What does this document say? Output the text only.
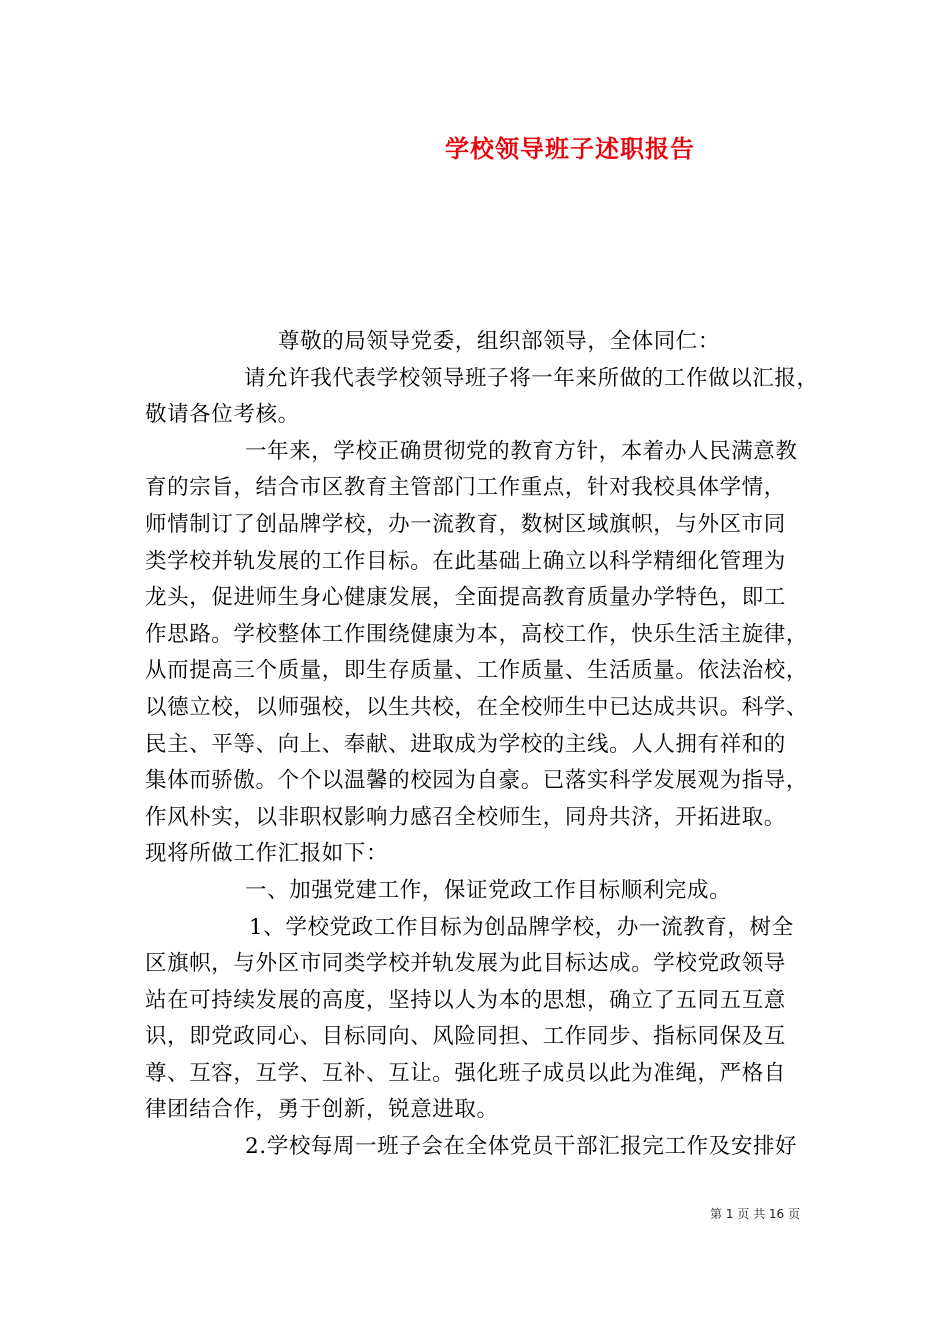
学校领导班子述职报告
尊敬的局领导党委，组织部领导，全体同仁：
请允许我代表学校领导班子将一年来所做的工作做以汇报，
敬请各位考核。
一年来，学校正确贯彻党的教育方针，本着办人民满意教
育的宗旨，结合市区教育主管部门工作重点，针对我校具体学情，
师情制订了创品牌学校，办一流教育，数树区域旗帜，与外区市同
类学校并轨发展的工作目标。在此基础上确立以科学精细化管理为
龙头，促进师生身心健康发展，全面提高教育质量办学特色，即工
作思路。学校整体工作围绕健康为本，高校工作，快乐生活主旋律，
从而提高三个质量，即生存质量、工作质量、生活质量。依法治校，
以德立校，以师强校，以生共校，在全校师生中已达成共识。科学、
民主、平等、向上、奉献、进取成为学校的主线。人人拥有祥和的
集体而骄傲。个个以温馨的校园为自豪。已落实科学发展观为指导，
作风朴实，以非职权影响力感召全校师生，同舟共济，开拓进取。
现将所做工作汇报如下：
一、加强党建工作，保证党政工作目标顺利完成。
1、学校党政工作目标为创品牌学校，办一流教育，树全
区旗帜，与外区市同类学校并轨发展为此目标达成。学校党政领导
站在可持续发展的高度，坚持以人为本的思想，确立了五同五互意
识，即党政同心、目标同向、风险同担、工作同步、指标同保及互
尊、互容，互学、互补、互让。强化班子成员以此为准绳，严格自
律团结合作，勇于创新，锐意进取。
2.学校每周一班子会在全体党员干部汇报完工作及安排好
第 1 页 共 16 页
